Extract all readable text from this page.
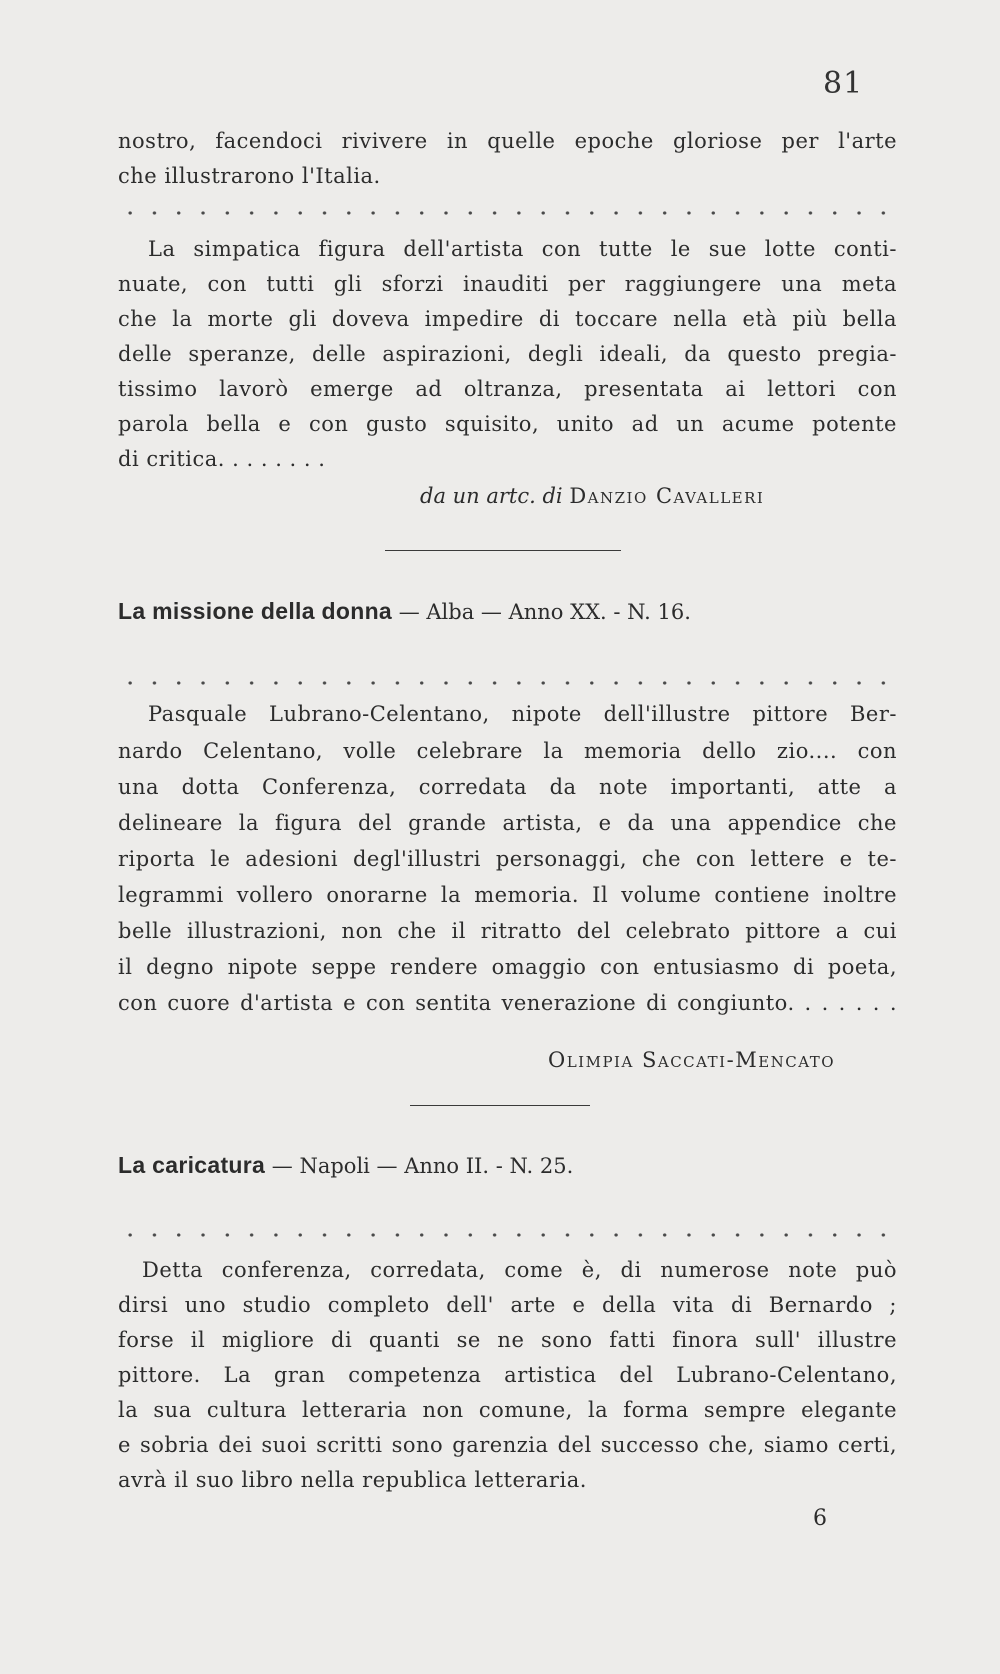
81
nostro, facendoci rivivere in quelle epoche gloriose per l'arte
che illustrarono l'Italia.
La simpatica figura dell'artista con tutte le sue lotte conti-
nuate, con tutti gli sforzi inauditi per raggiungere una meta
che la morte gli doveva impedire di toccare nella età più bella
delle speranze, delle aspirazioni, degli ideali, da questo pregia-
tissimo lavorò emerge ad oltranza, presentata ai lettori con
parola bella e con gusto squisito, unito ad un acume potente
di critica. . . . . . . .
da un artc. di Danzio Cavalleri
La missione della donna — Alba — Anno XX. - N. 16.
Pasquale Lubrano-Celentano, nipote dell'illustre pittore Ber-
nardo Celentano, volle celebrare la memoria dello zio.... con
una dotta Conferenza, corredata da note importanti, atte a
delineare la figura del grande artista, e da una appendice che
riporta le adesioni degl'illustri personaggi, che con lettere e te-
legrammi vollero onorarne la memoria. Il volume contiene inoltre
belle illustrazioni, non che il ritratto del celebrato pittore a cui
il degno nipote seppe rendere omaggio con entusiasmo di poeta,
con cuore d'artista e con sentita venerazione di congiunto. . . . . . .
Olimpia Saccati-Mencato
La caricatura — Napoli — Anno II. - N. 25.
Detta conferenza, corredata, come è, di numerose note può
dirsi uno studio completo dell' arte e della vita di Bernardo ;
forse il migliore di quanti se ne sono fatti finora sull' illustre
pittore. La gran competenza artistica del Lubrano-Celentano,
la sua cultura letteraria non comune, la forma sempre elegante
e sobria dei suoi scritti sono garenzia del successo che, siamo certi,
avrà il suo libro nella republica letteraria.
6
